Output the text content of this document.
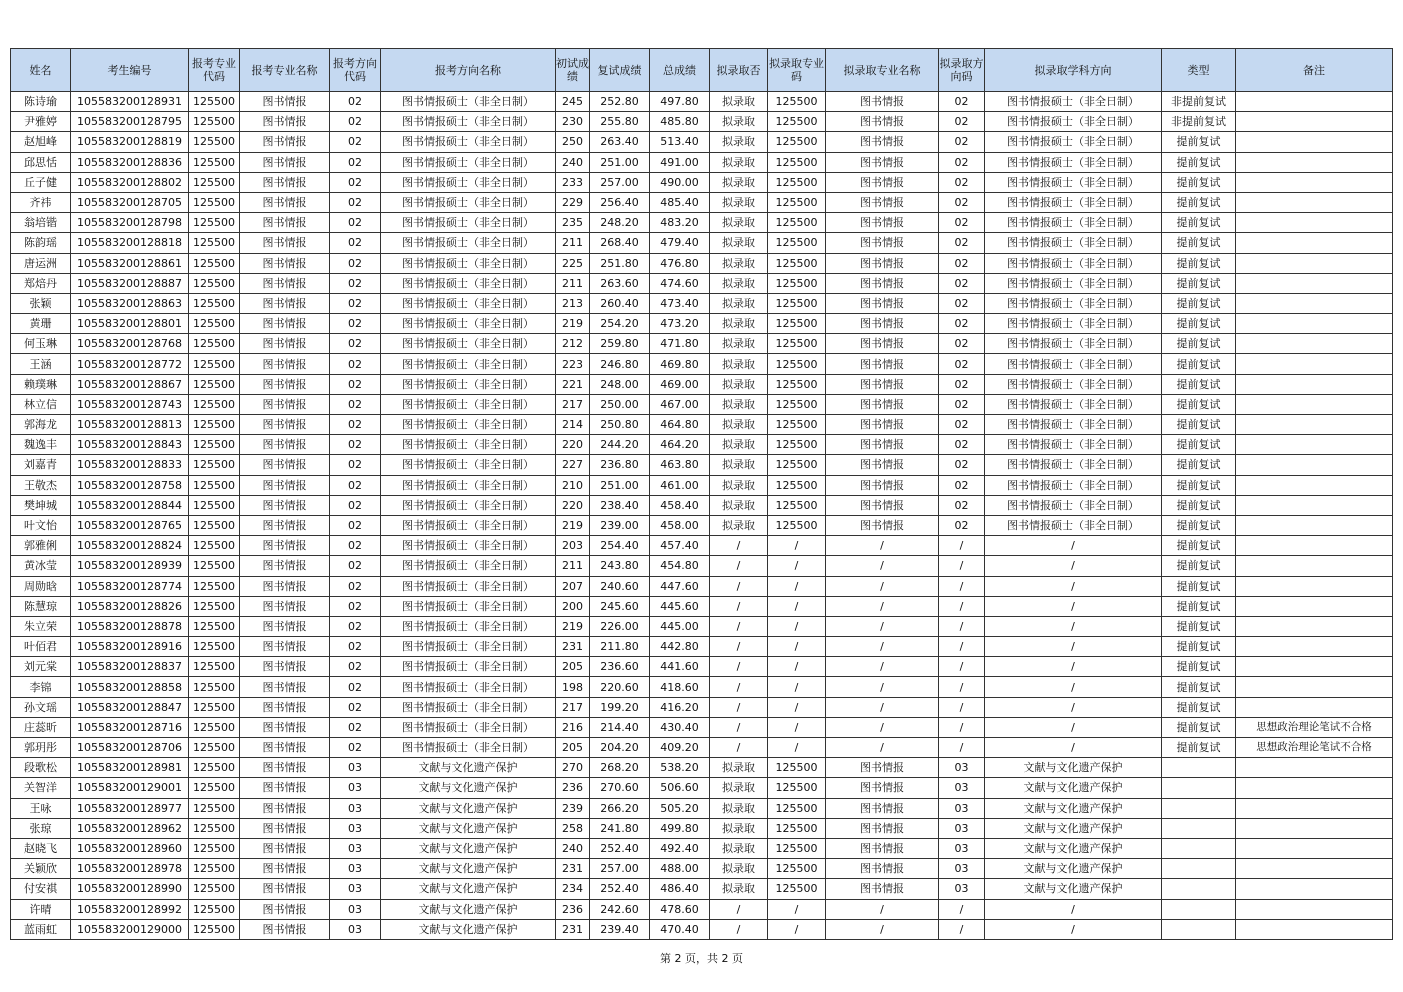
姓名	考生编号	报考专业代码	报考专业名称	报考方向代码	报考方向名称	初试成绩	复试成绩	总成绩	拟录取否	拟录取专业码	拟录取专业名称	拟录取方向码	拟录取学科方向	类型	备注
陈诗瑜	105583200128931	125500	图书情报	02	图书情报硕士（非全日制）	245	252.80	497.80	拟录取	125500	图书情报	02	图书情报硕士（非全日制）	非提前复试	
尹雅婷	105583200128795	125500	图书情报	02	图书情报硕士（非全日制）	230	255.80	485.80	拟录取	125500	图书情报	02	图书情报硕士（非全日制）	非提前复试	
赵旭峰	105583200128819	125500	图书情报	02	图书情报硕士（非全日制）	250	263.40	513.40	拟录取	125500	图书情报	02	图书情报硕士（非全日制）	提前复试	
邱思恬	105583200128836	125500	图书情报	02	图书情报硕士（非全日制）	240	251.00	491.00	拟录取	125500	图书情报	02	图书情报硕士（非全日制）	提前复试	
丘子健	105583200128802	125500	图书情报	02	图书情报硕士（非全日制）	233	257.00	490.00	拟录取	125500	图书情报	02	图书情报硕士（非全日制）	提前复试	
齐祎	105583200128705	125500	图书情报	02	图书情报硕士（非全日制）	229	256.40	485.40	拟录取	125500	图书情报	02	图书情报硕士（非全日制）	提前复试	
翁培锴	105583200128798	125500	图书情报	02	图书情报硕士（非全日制）	235	248.20	483.20	拟录取	125500	图书情报	02	图书情报硕士（非全日制）	提前复试	
陈韵瑶	105583200128818	125500	图书情报	02	图书情报硕士（非全日制）	211	268.40	479.40	拟录取	125500	图书情报	02	图书情报硕士（非全日制）	提前复试	
唐运洲	105583200128861	125500	图书情报	02	图书情报硕士（非全日制）	225	251.80	476.80	拟录取	125500	图书情报	02	图书情报硕士（非全日制）	提前复试	
郑焙丹	105583200128887	125500	图书情报	02	图书情报硕士（非全日制）	211	263.60	474.60	拟录取	125500	图书情报	02	图书情报硕士（非全日制）	提前复试	
张颖	105583200128863	125500	图书情报	02	图书情报硕士（非全日制）	213	260.40	473.40	拟录取	125500	图书情报	02	图书情报硕士（非全日制）	提前复试	
黄珊	105583200128801	125500	图书情报	02	图书情报硕士（非全日制）	219	254.20	473.20	拟录取	125500	图书情报	02	图书情报硕士（非全日制）	提前复试	
何玉琳	105583200128768	125500	图书情报	02	图书情报硕士（非全日制）	212	259.80	471.80	拟录取	125500	图书情报	02	图书情报硕士（非全日制）	提前复试	
王涵	105583200128772	125500	图书情报	02	图书情报硕士（非全日制）	223	246.80	469.80	拟录取	125500	图书情报	02	图书情报硕士（非全日制）	提前复试	
赖璞琳	105583200128867	125500	图书情报	02	图书情报硕士（非全日制）	221	248.00	469.00	拟录取	125500	图书情报	02	图书情报硕士（非全日制）	提前复试	
林立信	105583200128743	125500	图书情报	02	图书情报硕士（非全日制）	217	250.00	467.00	拟录取	125500	图书情报	02	图书情报硕士（非全日制）	提前复试	
郭海龙	105583200128813	125500	图书情报	02	图书情报硕士（非全日制）	214	250.80	464.80	拟录取	125500	图书情报	02	图书情报硕士（非全日制）	提前复试	
魏逸丰	105583200128843	125500	图书情报	02	图书情报硕士（非全日制）	220	244.20	464.20	拟录取	125500	图书情报	02	图书情报硕士（非全日制）	提前复试	
刘嘉青	105583200128833	125500	图书情报	02	图书情报硕士（非全日制）	227	236.80	463.80	拟录取	125500	图书情报	02	图书情报硕士（非全日制）	提前复试	
王敬杰	105583200128758	125500	图书情报	02	图书情报硕士（非全日制）	210	251.00	461.00	拟录取	125500	图书情报	02	图书情报硕士（非全日制）	提前复试	
樊坤城	105583200128844	125500	图书情报	02	图书情报硕士（非全日制）	220	238.40	458.40	拟录取	125500	图书情报	02	图书情报硕士（非全日制）	提前复试	
叶文怡	105583200128765	125500	图书情报	02	图书情报硕士（非全日制）	219	239.00	458.00	拟录取	125500	图书情报	02	图书情报硕士（非全日制）	提前复试	
郭雅俐	105583200128824	125500	图书情报	02	图书情报硕士（非全日制）	203	254.40	457.40	/	/	/	/	/	提前复试	
黄冰莹	105583200128939	125500	图书情报	02	图书情报硕士（非全日制）	211	243.80	454.80	/	/	/	/	/	提前复试	
周勋晗	105583200128774	125500	图书情报	02	图书情报硕士（非全日制）	207	240.60	447.60	/	/	/	/	/	提前复试	
陈慧琼	105583200128826	125500	图书情报	02	图书情报硕士（非全日制）	200	245.60	445.60	/	/	/	/	/	提前复试	
朱立荣	105583200128878	125500	图书情报	02	图书情报硕士（非全日制）	219	226.00	445.00	/	/	/	/	/	提前复试	
叶佰君	105583200128916	125500	图书情报	02	图书情报硕士（非全日制）	231	211.80	442.80	/	/	/	/	/	提前复试	
刘元棠	105583200128837	125500	图书情报	02	图书情报硕士（非全日制）	205	236.60	441.60	/	/	/	/	/	提前复试	
李锦	105583200128858	125500	图书情报	02	图书情报硕士（非全日制）	198	220.60	418.60	/	/	/	/	/	提前复试	
孙文瑶	105583200128847	125500	图书情报	02	图书情报硕士（非全日制）	217	199.20	416.20	/	/	/	/	/	提前复试	
庄蕊昕	105583200128716	125500	图书情报	02	图书情报硕士（非全日制）	216	214.40	430.40	/	/	/	/	/	提前复试	思想政治理论笔试不合格
郭玥彤	105583200128706	125500	图书情报	02	图书情报硕士（非全日制）	205	204.20	409.20	/	/	/	/	/	提前复试	思想政治理论笔试不合格
段歌松	105583200128981	125500	图书情报	03	文献与文化遗产保护	270	268.20	538.20	拟录取	125500	图书情报	03	文献与文化遗产保护		
关智洋	105583200129001	125500	图书情报	03	文献与文化遗产保护	236	270.60	506.60	拟录取	125500	图书情报	03	文献与文化遗产保护		
王咏	105583200128977	125500	图书情报	03	文献与文化遗产保护	239	266.20	505.20	拟录取	125500	图书情报	03	文献与文化遗产保护		
张琼	105583200128962	125500	图书情报	03	文献与文化遗产保护	258	241.80	499.80	拟录取	125500	图书情报	03	文献与文化遗产保护		
赵晓飞	105583200128960	125500	图书情报	03	文献与文化遗产保护	240	252.40	492.40	拟录取	125500	图书情报	03	文献与文化遗产保护		
关颖欣	105583200128978	125500	图书情报	03	文献与文化遗产保护	231	257.00	488.00	拟录取	125500	图书情报	03	文献与文化遗产保护		
付安祺	105583200128990	125500	图书情报	03	文献与文化遗产保护	234	252.40	486.40	拟录取	125500	图书情报	03	文献与文化遗产保护		
许晴	105583200128992	125500	图书情报	03	文献与文化遗产保护	236	242.60	478.60	/	/	/	/	/		
蓝雨虹	105583200129000	125500	图书情报	03	文献与文化遗产保护	231	239.40	470.40	/	/	/	/	/		
第 2 页，共 2 页
